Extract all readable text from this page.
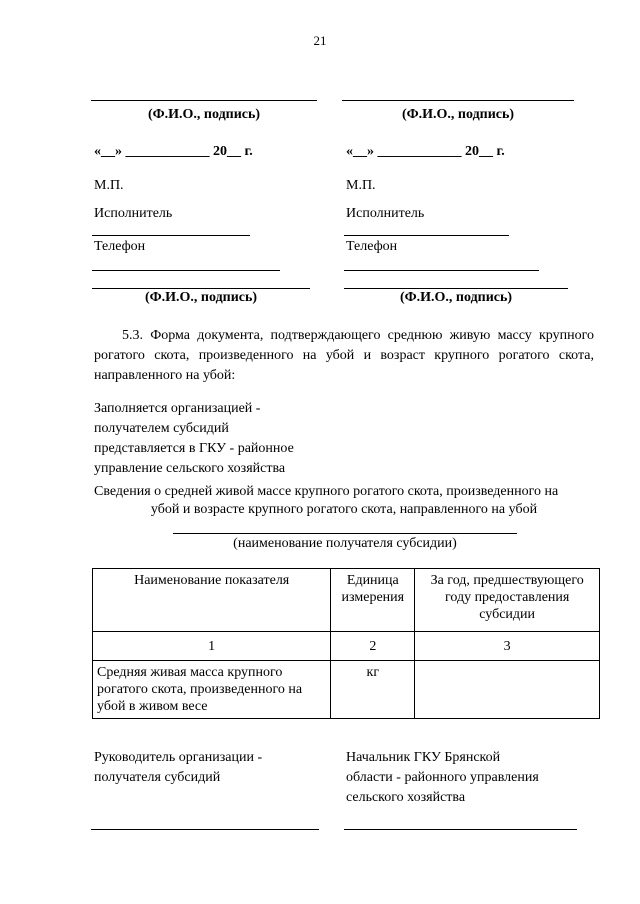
21
(Ф.И.О., подпись)
«__» ____________ 20__ г.
М.П.
Исполнитель
Телефон
(Ф.И.О., подпись)
(Ф.И.О., подпись)
«__» ____________ 20__ г.
М.П.
Исполнитель
Телефон
(Ф.И.О., подпись)
5.3. Форма документа, подтверждающего среднюю живую массу крупного рогатого скота, произведенного на убой и возраст крупного рогатого скота, направленного на убой:
Заполняется организацией -
получателем субсидий
представляется в ГКУ - районное
управление сельского хозяйства
Сведения о средней живой массе крупного рогатого скота, произведенного на
убой и возрасте крупного рогатого скота, направленного на убой
(наименование получателя субсидии)
Наименование показателя	Единица измерения	За год, предшествующего году предоставления субсидии
1	2	3
Средняя живая масса крупного рогатого скота, произведенного на убой в живом весе	кг	
Руководитель организации -
получателя субсидий
Начальник ГКУ Брянской
области - районного управления
сельского хозяйства
